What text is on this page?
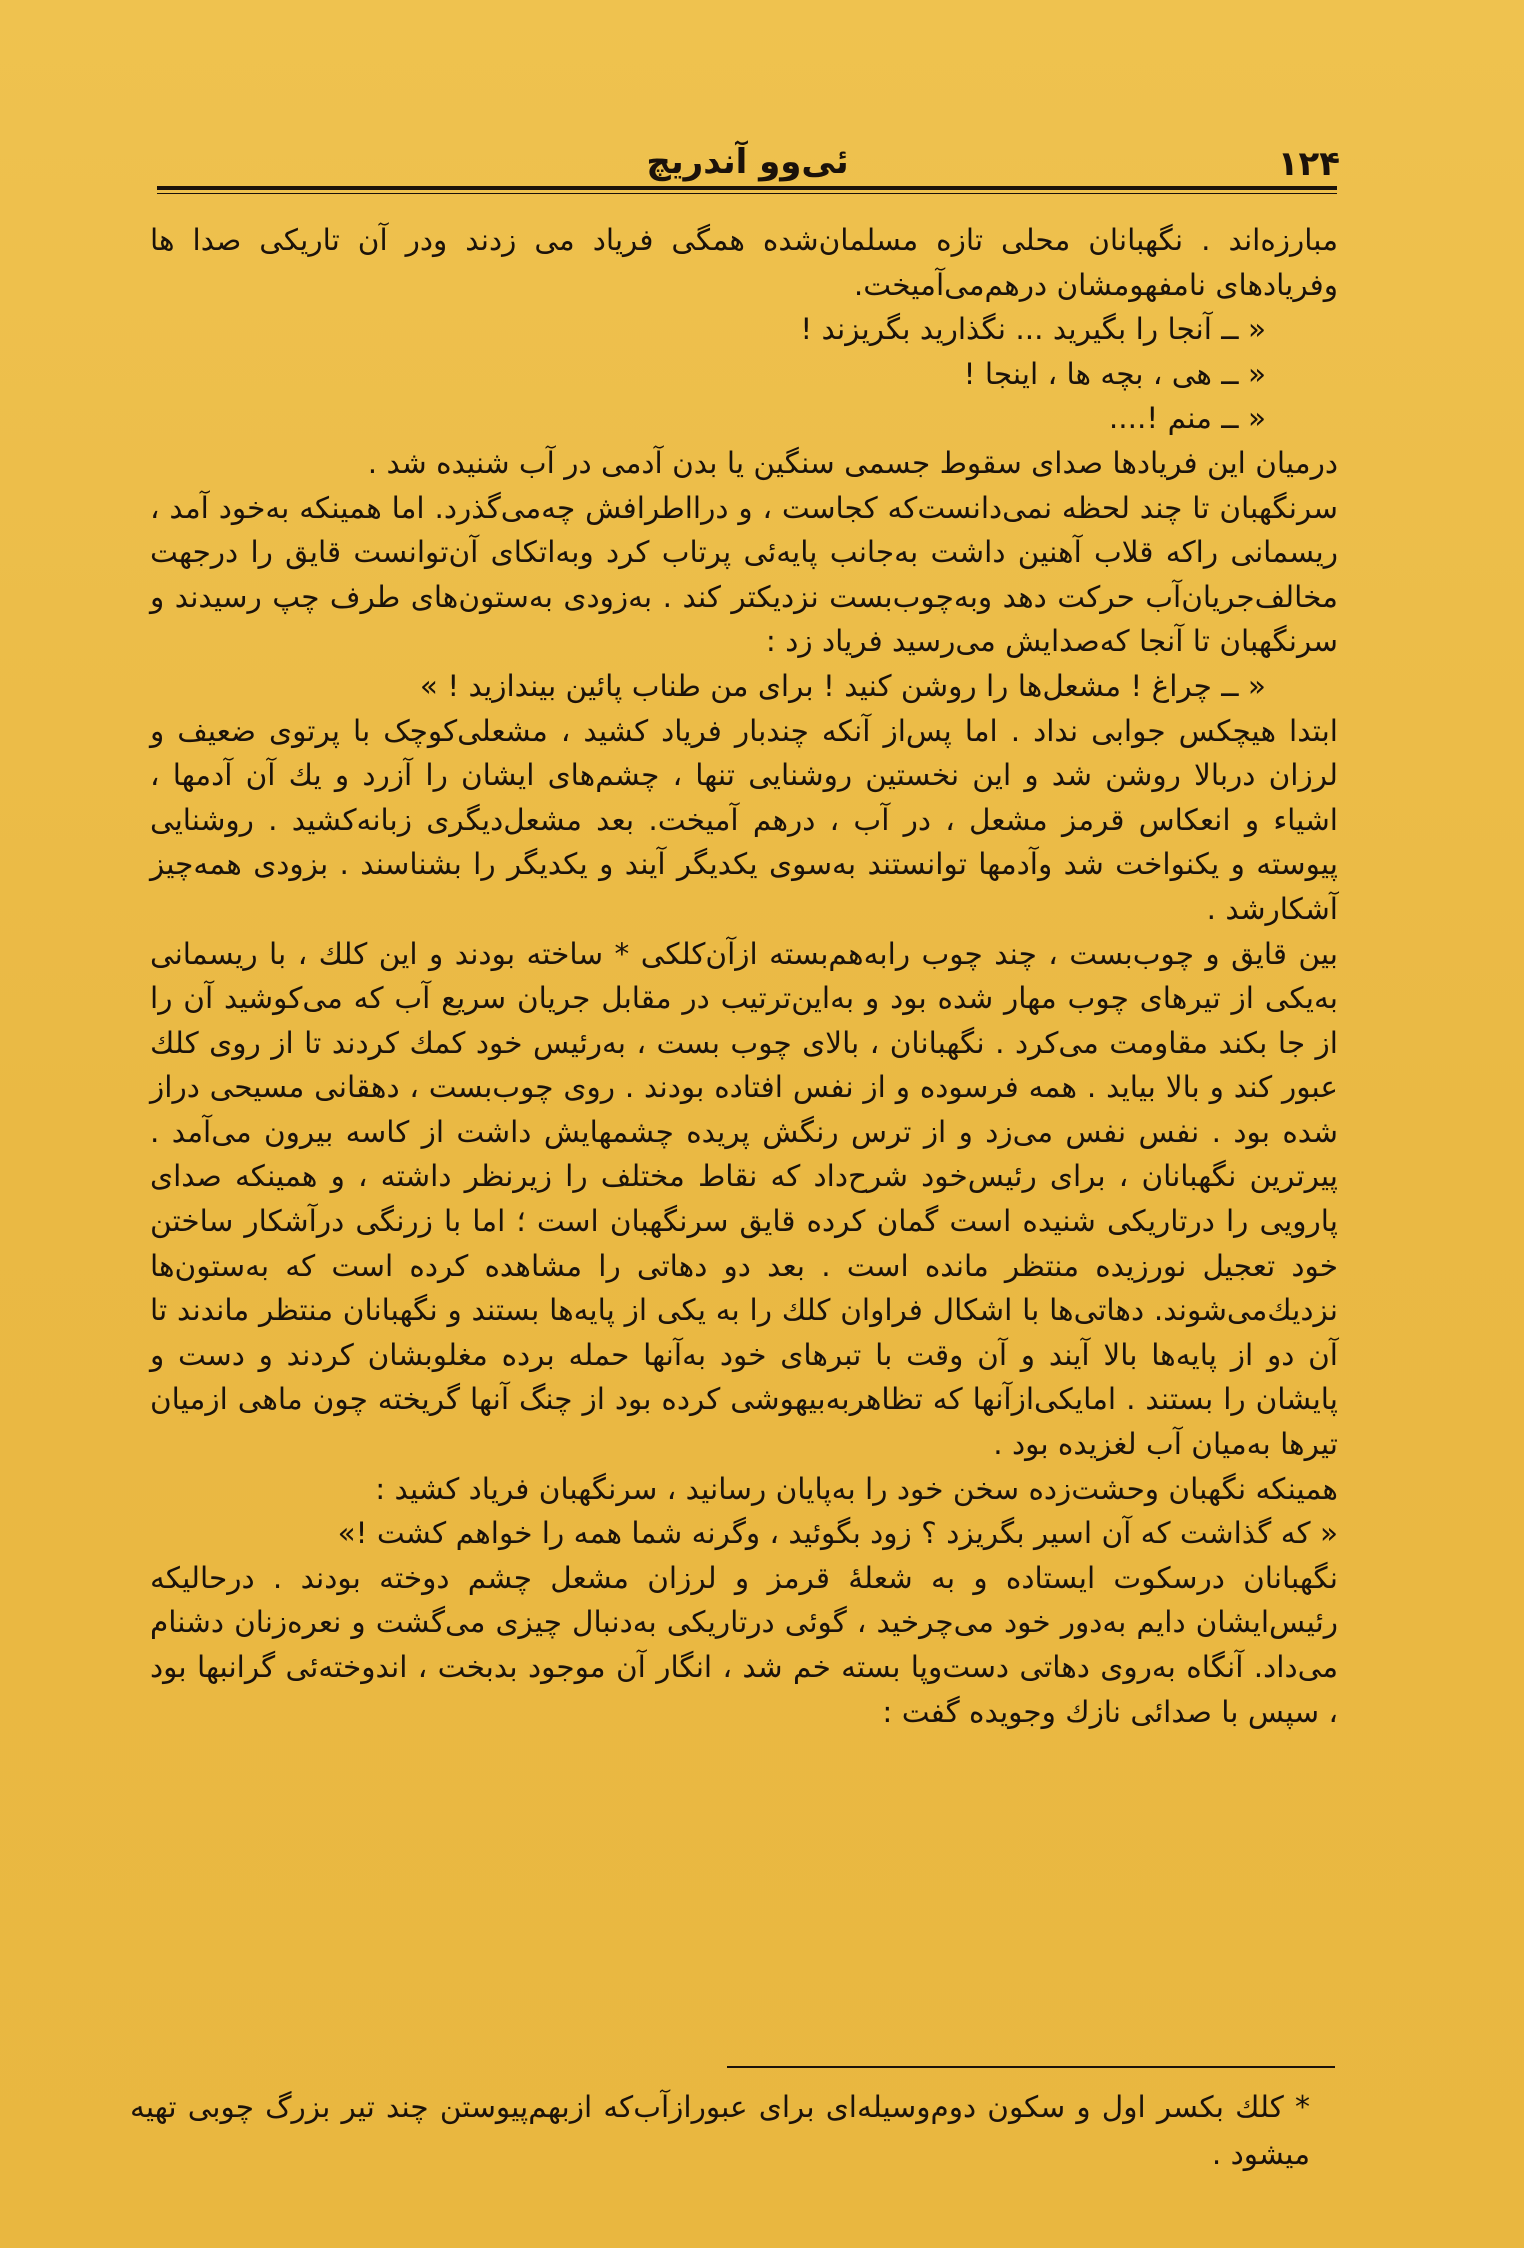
۱۲۴
ئی‌وو آندریچ

مبارزه‌اند . نگهبانان محلی تازه مسلمان‌شده همگی فریاد می زدند ودر آن تاریکی صدا ها وفریادهای نامفهومشان درهم‌می‌آمیخت.

« ــ آنجا را بگیرید ... نگذارید بگریزند !

« ــ هی ، بچه ها ، اینجا !

« ــ منم !....

درمیان این فریادها صدای سقوط جسمی سنگین یا بدن آدمی در آب شنیده شد .

سرنگهبان تا چند لحظه نمی‌دانست‌که کجاست ، و درااطرافش چه‌می‌گذرد. اما همینکه به‌خود آمد ، ریسمانی راکه قلاب آهنین داشت به‌جانب پایه‌ئی پرتاب کرد وبه‌اتکای آن‌توانست قایق را درجهت مخالف‌جریان‌آب حرکت دهد وبه‌چوب‌بست نزدیکتر کند . به‌زودی به‌ستون‌های طرف چپ رسیدند و سرنگهبان تا آنجا که‌صدایش می‌رسید فریاد زد :

« ــ چراغ ! مشعل‌ها را روشن کنید ! برای من طناب پائین بیندازید ! »

ابتدا هیچکس جوابی نداد . اما پس‌از آنکه چندبار فریاد کشید ، مشعلی‌کوچک با پرتوی ضعیف و لرزان دربالا روشن شد و این نخستین روشنایی تنها ، چشم‌های ایشان را آزرد و یك آن آدمها ، اشیاء و انعکاس قرمز مشعل ، در آب ، درهم آمیخت. بعد مشعل‌دیگری زبانه‌کشید . روشنایی پیوسته و یکنواخت شد وآدمها توانستند به‌سوی یکدیگر آیند و یکدیگر را بشناسند . بزودی همه‌چیز آشکارشد .

بین قایق و چوب‌بست ، چند چوب رابه‌هم‌بسته ازآن‌کلکی * ساخته بودند و این کلك ، با ریسمانی به‌یکی از تیرهای چوب مهار شده بود و به‌این‌ترتیب در مقابل جریان سریع آب که می‌کوشید آن را از جا بکند مقاومت می‌کرد . نگهبانان ، بالای چوب بست ، به‌رئیس خود کمك کردند تا از روی کلك عبور کند و بالا بیاید . همه فرسوده و از نفس افتاده بودند . روی چوب‌بست ، دهقانی مسیحی دراز شده بود . نفس نفس می‌زد و از ترس رنگش پریده چشمهایش داشت از کاسه بیرون می‌آمد . پیرترین نگهبانان ، برای رئیس‌خود شرح‌داد که نقاط مختلف را زیرنظر داشته ، و همینکه صدای پارویی را درتاریکی شنیده است گمان کرده قایق سرنگهبان است ؛ اما با زرنگی درآشکار ساختن خود تعجیل نورزیده منتظر مانده است . بعد دو دهاتی را مشاهده کرده است که به‌ستون‌ها نزدیك‌می‌شوند. دهاتی‌ها با اشکال فراوان کلك را به یکی از پایه‌ها بستند و نگهبانان منتظر ماندند تا آن دو از پایه‌ها بالا آیند و آن وقت با تبرهای خود به‌آنها حمله برده مغلوبشان کردند و دست و پایشان را بستند . امایکی‌ازآنها که تظاهربه‌بیهوشی کرده بود از چنگ آنها گریخته چون ماهی ازمیان تیرها به‌میان آب لغزیده بود .

همینکه نگهبان وحشت‌زده سخن خود را به‌پایان رسانید ، سرنگهبان فریاد کشید :

« که گذاشت که آن اسیر بگریزد ؟ زود بگوئید ، وگرنه شما همه را خواهم کشت !»

نگهبانان درسکوت ایستاده و به شعلهٔ قرمز و لرزان مشعل چشم دوخته بودند . درحالیکه رئیس‌ایشان دایم به‌دور خود می‌چرخید ، گوئی درتاریکی به‌دنبال چیزی می‌گشت و نعره‌زنان دشنام می‌داد. آنگاه به‌روی دهاتی دست‌وپا بسته خم شد ، انگار آن موجود بدبخت ، اندوخته‌ئی گرانبها بود ، سپس با صدائی نازك وجویده گفت :

* کلك بکسر اول و سکون دوم‌وسیله‌ای برای عبورازآب‌که ازبهم‌پیوستن چند تیر بزرگ چوبی تهیه میشود .
